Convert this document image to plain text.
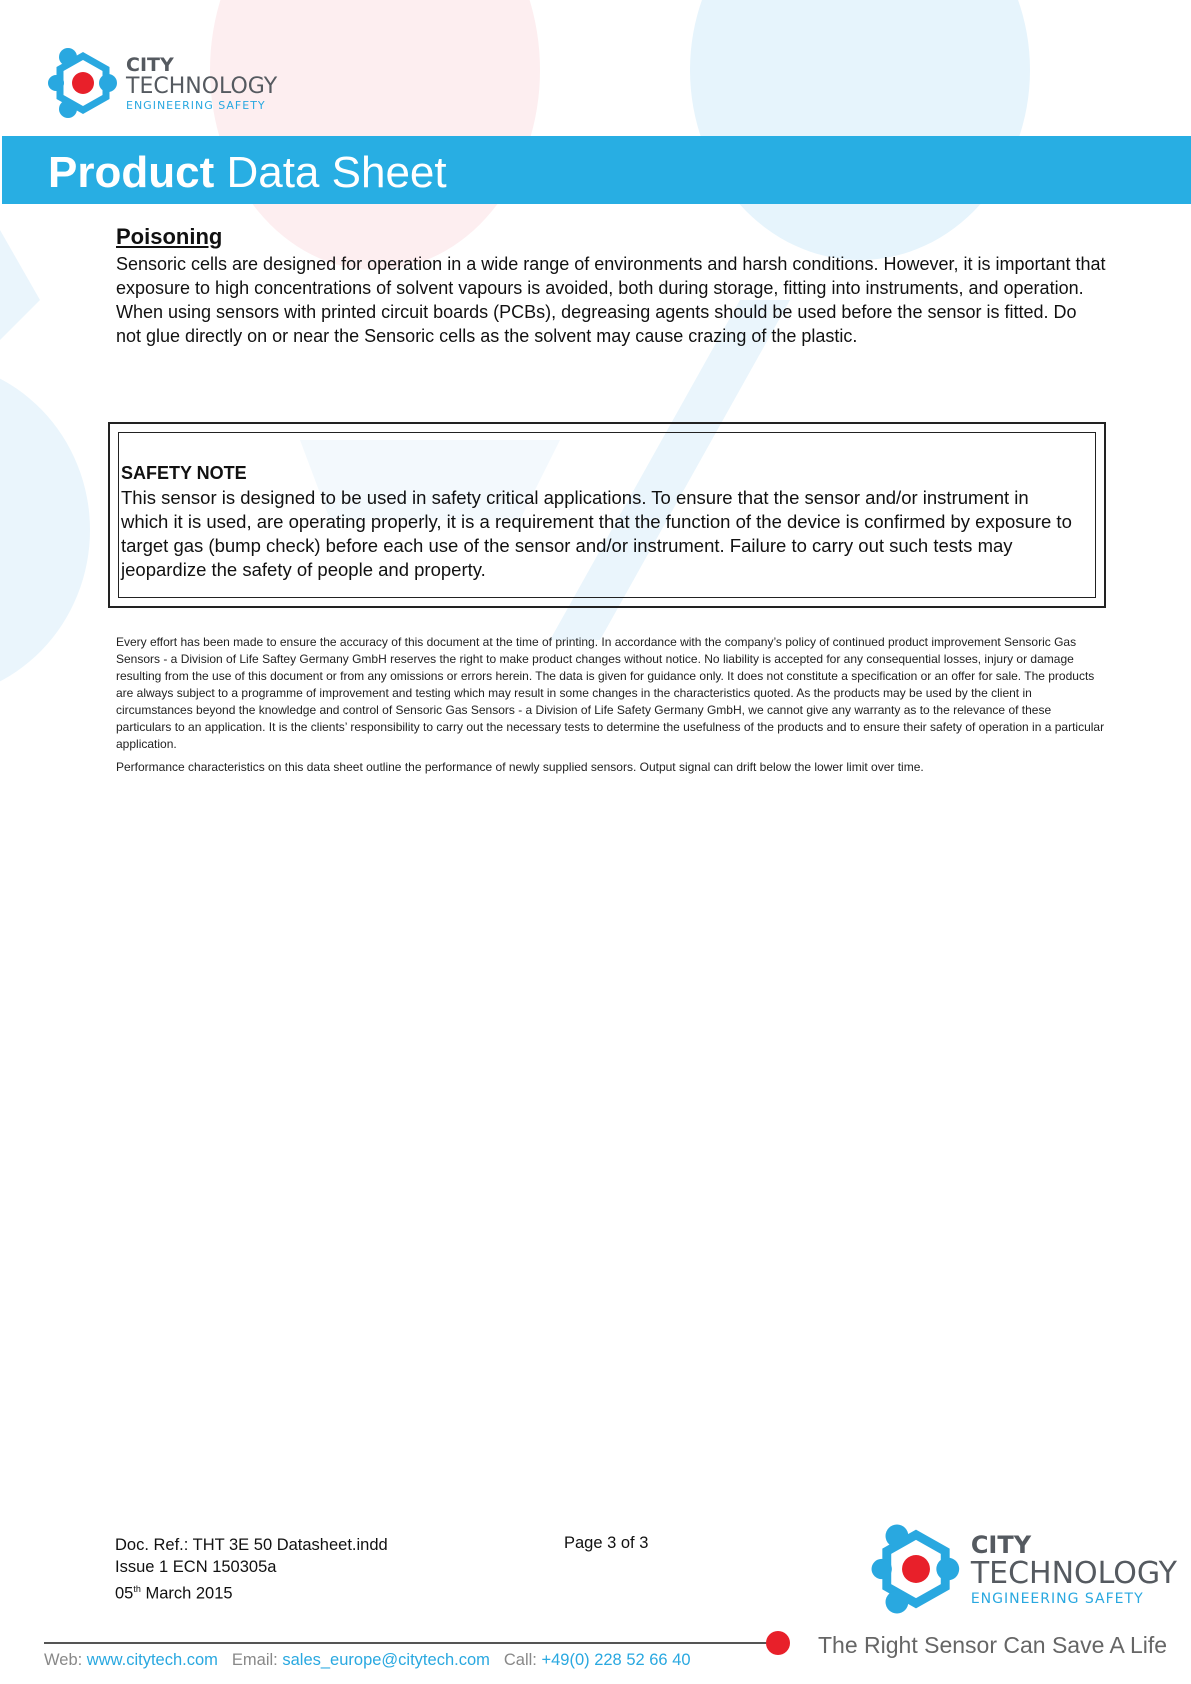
CITY
TECHNOLOGY
ENGINEERING SAFETY
Product Data Sheet
Poisoning

Sensoric cells are designed for operation in a wide range of environments and harsh conditions. However, it is important that exposure to high concentrations of solvent vapours is avoided, both during storage, fitting into instruments, and operation.

When using sensors with printed circuit boards (PCBs), degreasing agents should be used before the sensor is fitted. Do not glue directly on or near the Sensoric cells as the solvent may cause crazing of the plastic.

SAFETY NOTE

This sensor is designed to be used in safety critical applications. To ensure that the sensor and/or instrument in which it is used, are operating properly, it is a requirement that the function of the device is confirmed by exposure to target gas (bump check) before each use of the sensor and/or instrument. Failure to carry out such tests may jeopardize the safety of people and property.

Every effort has been made to ensure the accuracy of this document at the time of printing. In accordance with the company’s policy of continued product improvement Sensoric Gas Sensors - a Division of Life Saftey Germany GmbH reserves the right to make product changes without notice. No liability is accepted for any consequential losses, injury or damage resulting from the use of this document or from any omissions or errors herein. The data is given for guidance only. It does not constitute a specification or an offer for sale. The products are always subject to a programme of improvement and testing which may result in some changes in the characteristics quoted. As the products may be used by the client in circumstances beyond the knowledge and control of Sensoric Gas Sensors - a Division of Life Safety Germany GmbH, we cannot give any warranty as to the relevance of these particulars to an application. It is the clients’ responsibility to carry out the necessary tests to determine the usefulness of the products and to ensure their safety of operation in a particular application.

Performance characteristics on this data sheet outline the performance of newly supplied sensors. Output signal can drift below the lower limit over time.

Doc. Ref.: THT 3E 50 Datasheet.indd
Issue 1 ECN 150305a
05th March 2015
Page 3 of 3	CITY
TECHNOLOGY
ENGINEERING SAFETY
The Right Sensor Can Save A Life
Web: www.citytech.com Email: sales_europe@citytech.com Call: +49(0) 228 52 66 40
